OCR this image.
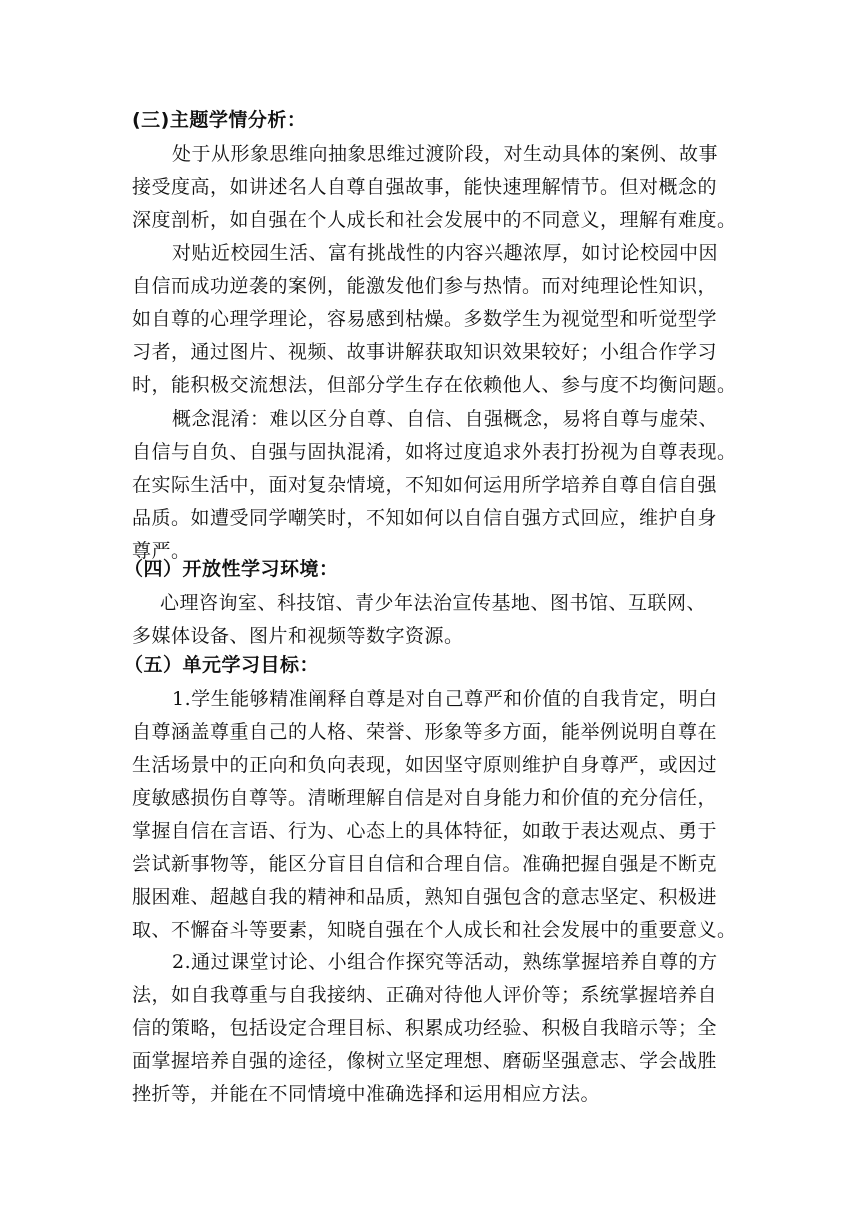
(三)主题学情分析：
处于从形象思维向抽象思维过渡阶段，对生动具体的案例、故事
接受度高，如讲述名人自尊自强故事，能快速理解情节。但对概念的
深度剖析，如自强在个人成长和社会发展中的不同意义，理解有难度。
对贴近校园生活、富有挑战性的内容兴趣浓厚，如讨论校园中因
自信而成功逆袭的案例，能激发他们参与热情。而对纯理论性知识，
如自尊的心理学理论，容易感到枯燥。多数学生为视觉型和听觉型学
习者，通过图片、视频、故事讲解获取知识效果较好；小组合作学习
时，能积极交流想法，但部分学生存在依赖他人、参与度不均衡问题。
概念混淆：难以区分自尊、自信、自强概念，易将自尊与虚荣、
自信与自负、自强与固执混淆，如将过度追求外表打扮视为自尊表现。
在实际生活中，面对复杂情境，不知如何运用所学培养自尊自信自强
品质。如遭受同学嘲笑时，不知如何以自信自强方式回应，维护自身
尊严。
（四）开放性学习环境：
心理咨询室、科技馆、青少年法治宣传基地、图书馆、互联网、
多媒体设备、图片和视频等数字资源。
（五）单元学习目标：
1.学生能够精准阐释自尊是对自己尊严和价值的自我肯定，明白
自尊涵盖尊重自己的人格、荣誉、形象等多方面，能举例说明自尊在
生活场景中的正向和负向表现，如因坚守原则维护自身尊严，或因过
度敏感损伤自尊等。清晰理解自信是对自身能力和价值的充分信任，
掌握自信在言语、行为、心态上的具体特征，如敢于表达观点、勇于
尝试新事物等，能区分盲目自信和合理自信。准确把握自强是不断克
服困难、超越自我的精神和品质，熟知自强包含的意志坚定、积极进
取、不懈奋斗等要素，知晓自强在个人成长和社会发展中的重要意义。
2.通过课堂讨论、小组合作探究等活动，熟练掌握培养自尊的方
法，如自我尊重与自我接纳、正确对待他人评价等；系统掌握培养自
信的策略，包括设定合理目标、积累成功经验、积极自我暗示等；全
面掌握培养自强的途径，像树立坚定理想、磨砺坚强意志、学会战胜
挫折等，并能在不同情境中准确选择和运用相应方法。
